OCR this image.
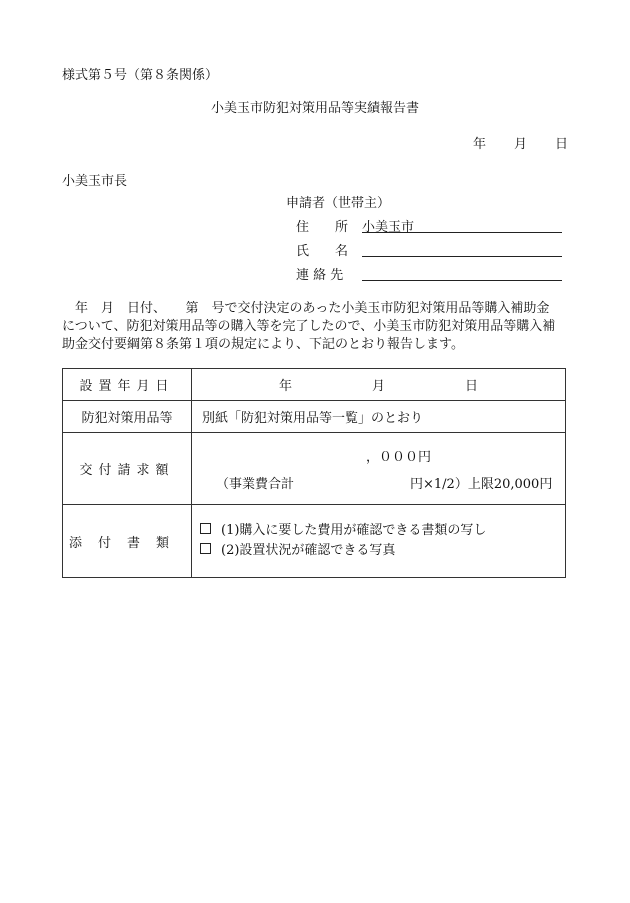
様式第５号（第８条関係）
小美玉市防犯対策用品等実績報告書
年 月 日
小美玉市長
申請者（世帯主）
住　　所 小美玉市
氏　　名
連 絡 先

　年　月　日付、　　第　号で交付決定のあった小美玉市防犯対策用品等購入補助金

について、防犯対策用品等の購入等を完了したので、小美玉市防犯対策用品等購入補

助金交付要綱第８条第１項の規定により、下記のとおり報告します。

設置年月日	年 月 日
防犯対策用品等	別紙「防犯対策用品等一覧」のとおり
交付請求額	，０００円
（事業費合計 円×1/2）上限20,000円

添付書類	(1)購入に要した費用が確認できる書類の写し
(2)設置状況が確認できる写真
